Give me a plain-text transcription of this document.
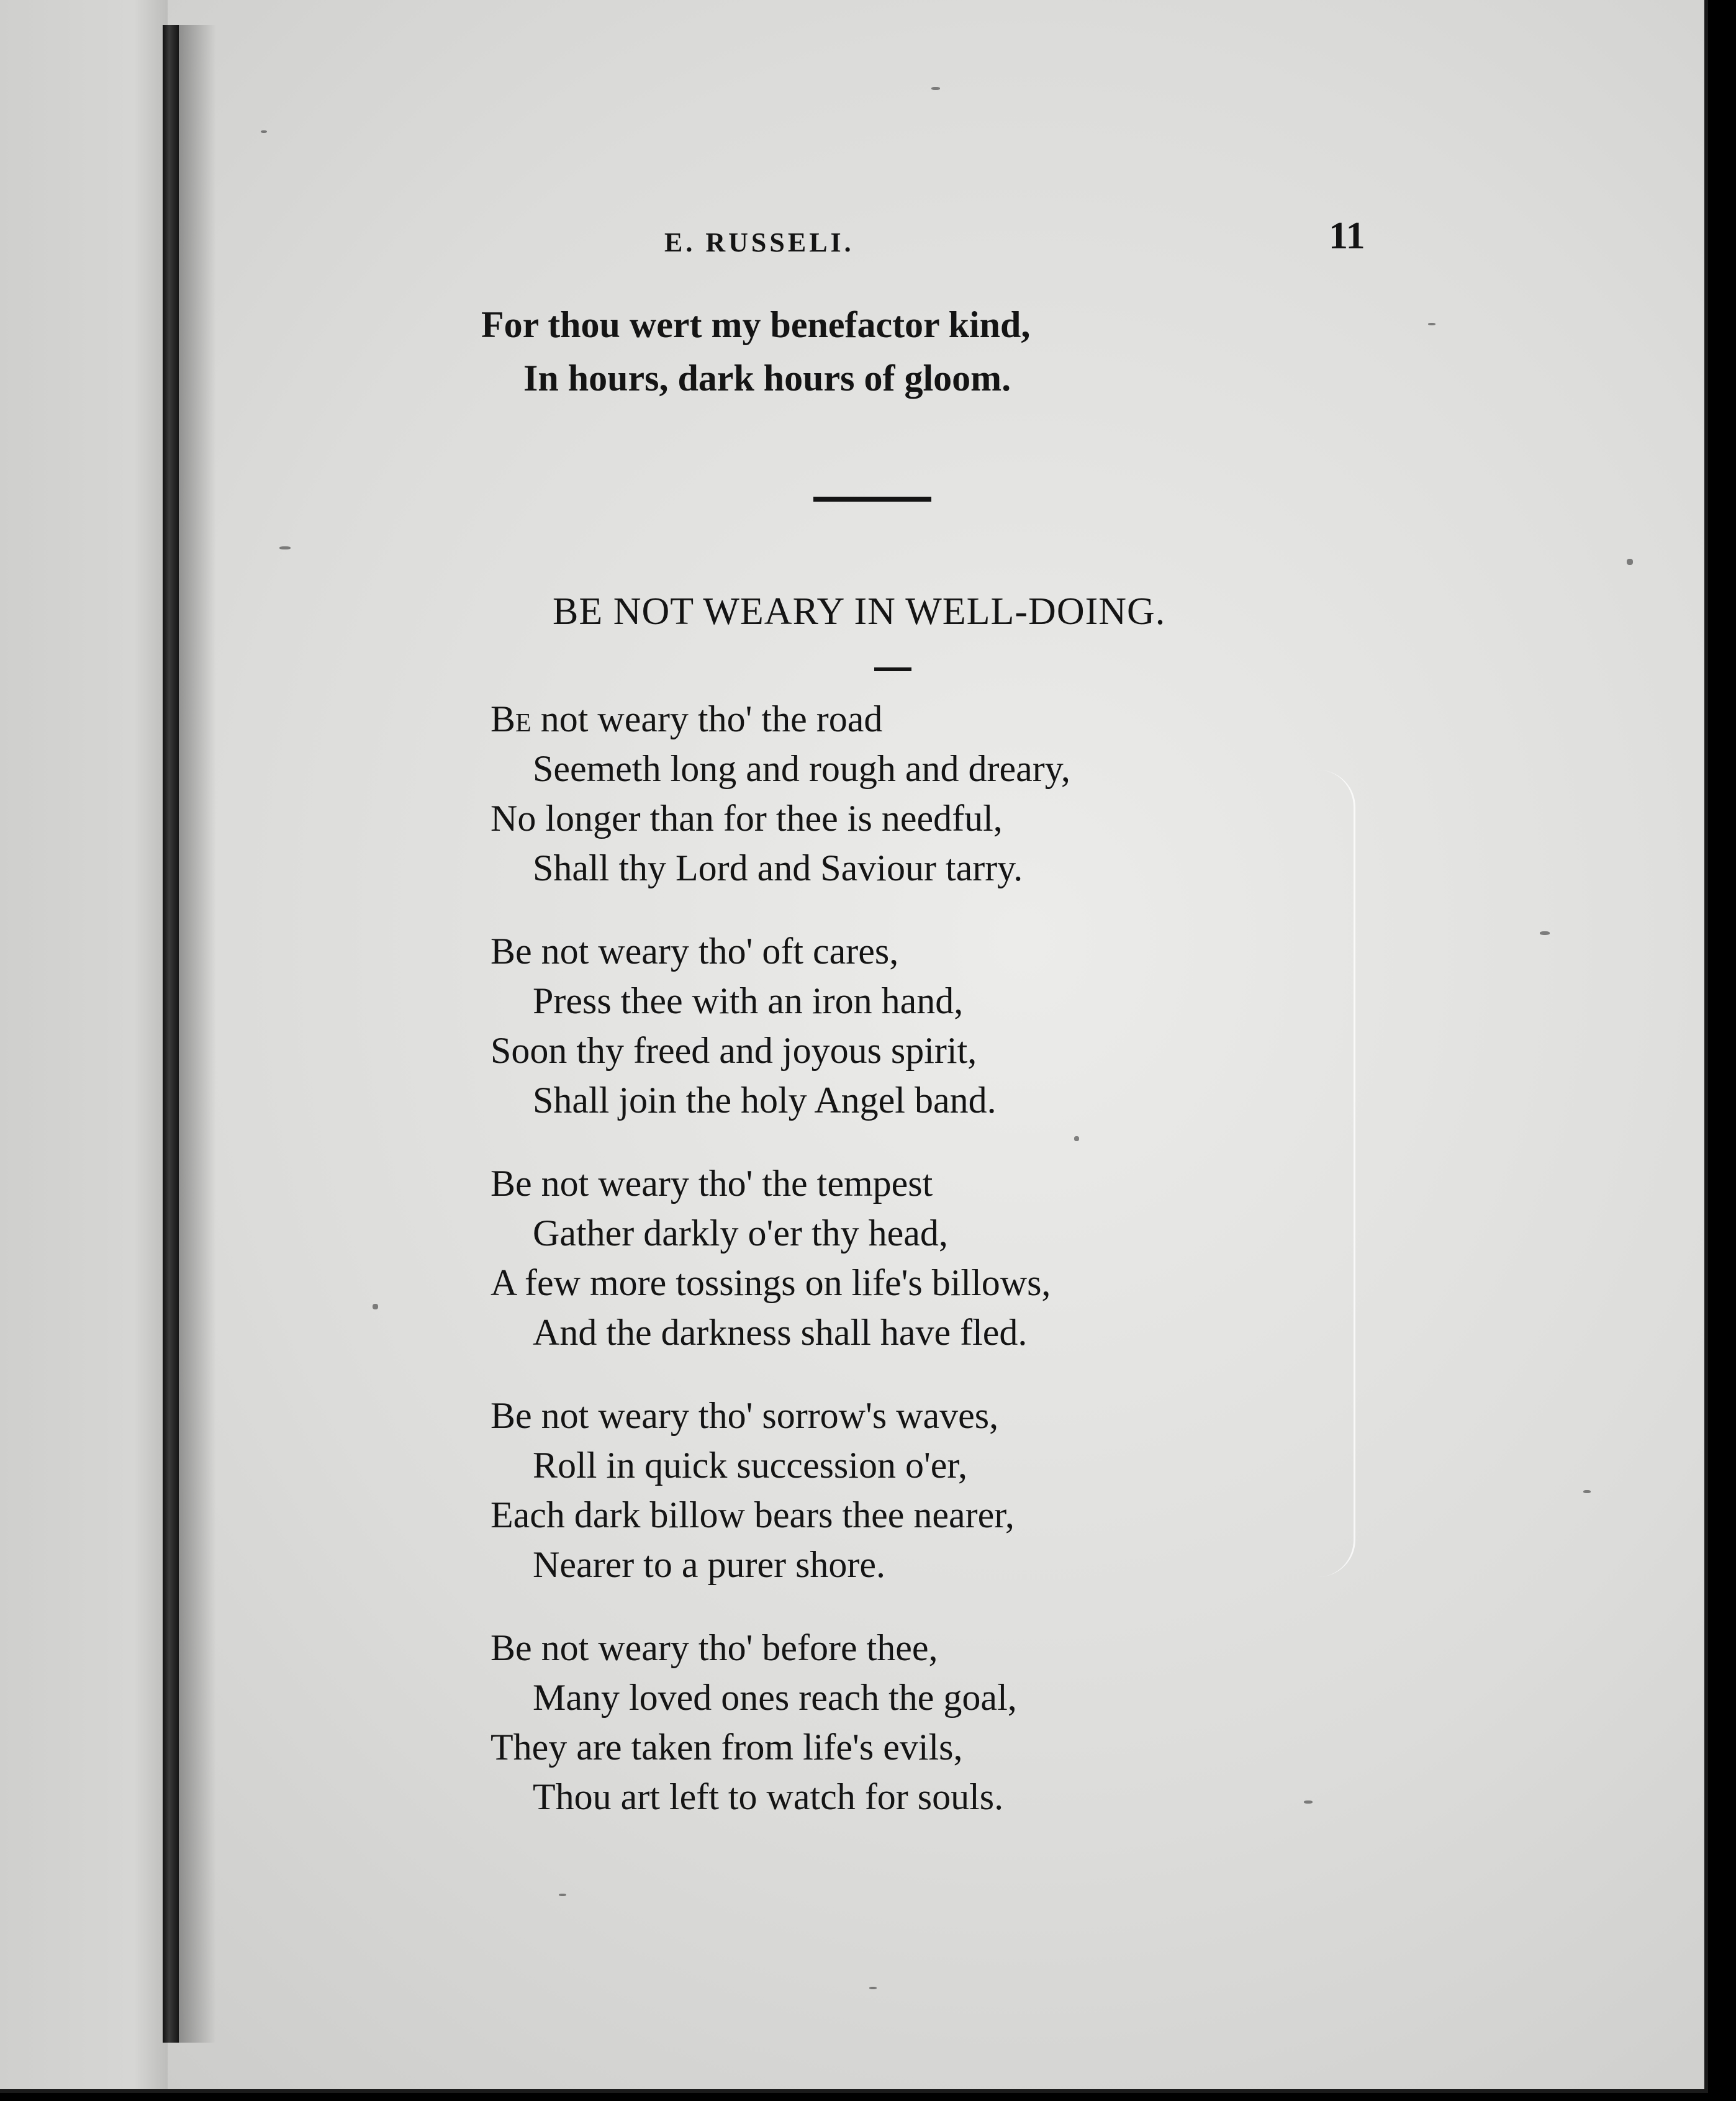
E. RUSSELI.	11
For thou wert my benefactor kind,
In hours, dark hours of gloom.
BE NOT WEARY IN WELL-DOING.
Be not weary tho' the road
Seemeth long and rough and dreary,
No longer than for thee is needful,
Shall thy Lord and Saviour tarry.
Be not weary tho' oft cares,
Press thee with an iron hand,
Soon thy freed and joyous spirit,
Shall join the holy Angel band.
Be not weary tho' the tempest
Gather darkly o'er thy head,
A few more tossings on life's billows,
And the darkness shall have fled.
Be not weary tho' sorrow's waves,
Roll in quick succession o'er,
Each dark billow bears thee nearer,
Nearer to a purer shore.
Be not weary tho' before thee,
Many loved ones reach the goal,
They are taken from life's evils,
Thou art left to watch for souls.
